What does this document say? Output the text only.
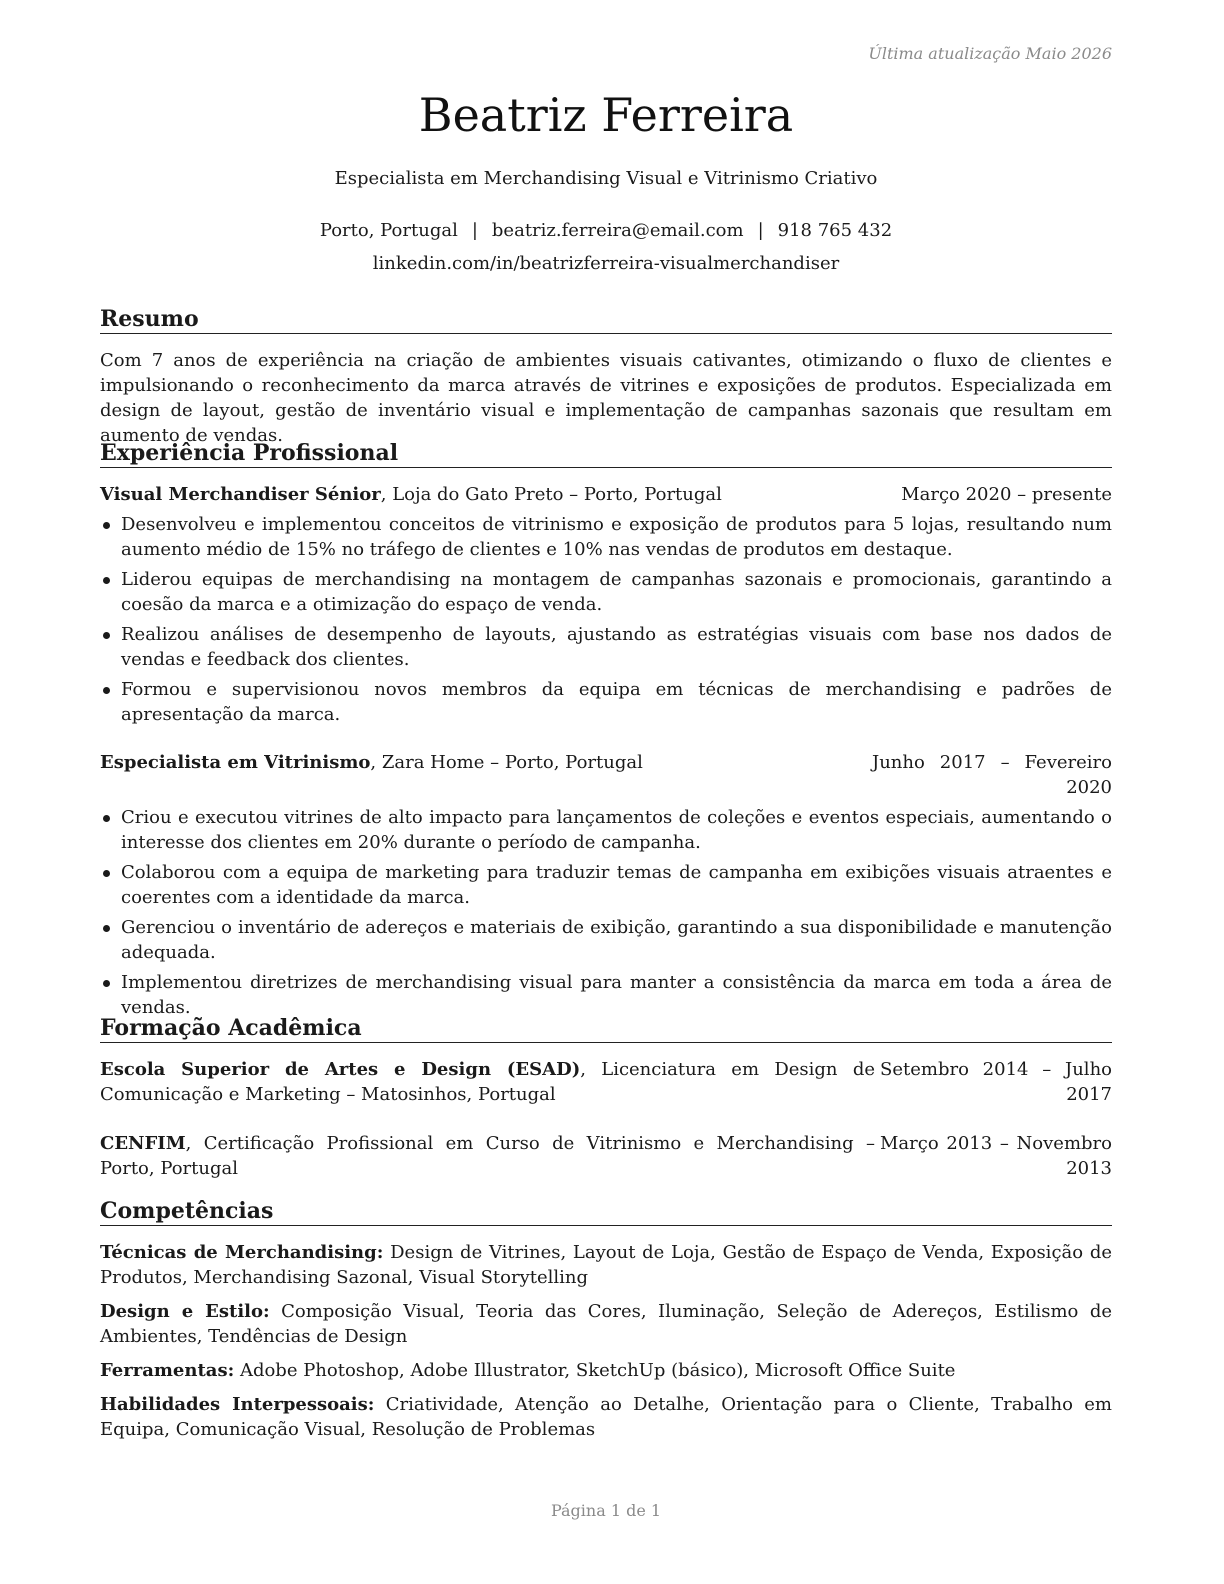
Última atualização Maio 2026
Beatriz Ferreira
Especialista em Merchandising Visual e Vitrinismo Criativo
Porto, Portugal | beatriz.ferreira@email.com | 918 765 432
linkedin.com/in/beatrizferreira-visualmerchandiser
Resumo
Com 7 anos de experiência na criação de ambientes visuais cativantes, otimizando o fluxo de clientes e impulsionando o reconhecimento da marca através de vitrines e exposições de produtos. Especializada em design de layout, gestão de inventário visual e implementação de campanhas sazonais que resultam em aumento de vendas.
Experiência Profissional
Visual Merchandiser Sénior, Loja do Gato Preto – Porto, Portugal	Março 2020 – presente
Desenvolveu e implementou conceitos de vitrinismo e exposição de produtos para 5 lojas, resultando num aumento médio de 15% no tráfego de clientes e 10% nas vendas de produtos em destaque.
Liderou equipas de merchandising na montagem de campanhas sazonais e promocionais, garantindo a coesão da marca e a otimização do espaço de venda.
Realizou análises de desempenho de layouts, ajustando as estratégias visuais com base nos dados de vendas e feedback dos clientes.
Formou e supervisionou novos membros da equipa em técnicas de merchandising e padrões de apresentação da marca.
Especialista em Vitrinismo, Zara Home – Porto, Portugal	Junho 2017 – Fevereiro
2020
Criou e executou vitrines de alto impacto para lançamentos de coleções e eventos especiais, aumentando o interesse dos clientes em 20% durante o período de campanha.
Colaborou com a equipa de marketing para traduzir temas de campanha em exibições visuais atraentes e coerentes com a identidade da marca.
Gerenciou o inventário de adereços e materiais de exibição, garantindo a sua disponibilidade e manutenção adequada.
Implementou diretrizes de merchandising visual para manter a consistência da marca em toda a área de vendas.
Formação Acadêmica
Escola Superior de Artes e Design (ESAD), Licenciatura em Design de Comunicação e Marketing – Matosinhos, Portugal
Setembro 2014 – Julho
2017
CENFIM, Certificação Profissional em Curso de Vitrinismo e Merchandising – Porto, Portugal
Março 2013 – Novembro
2013
Competências
Técnicas de Merchandising: Design de Vitrines, Layout de Loja, Gestão de Espaço de Venda, Exposição de Produtos, Merchandising Sazonal, Visual Storytelling
Design e Estilo: Composição Visual, Teoria das Cores, Iluminação, Seleção de Adereços, Estilismo de Ambientes, Tendências de Design
Ferramentas: Adobe Photoshop, Adobe Illustrator, SketchUp (básico), Microsoft Office Suite
Habilidades Interpessoais: Criatividade, Atenção ao Detalhe, Orientação para o Cliente, Trabalho em Equipa, Comunicação Visual, Resolução de Problemas
Página 1 de 1
